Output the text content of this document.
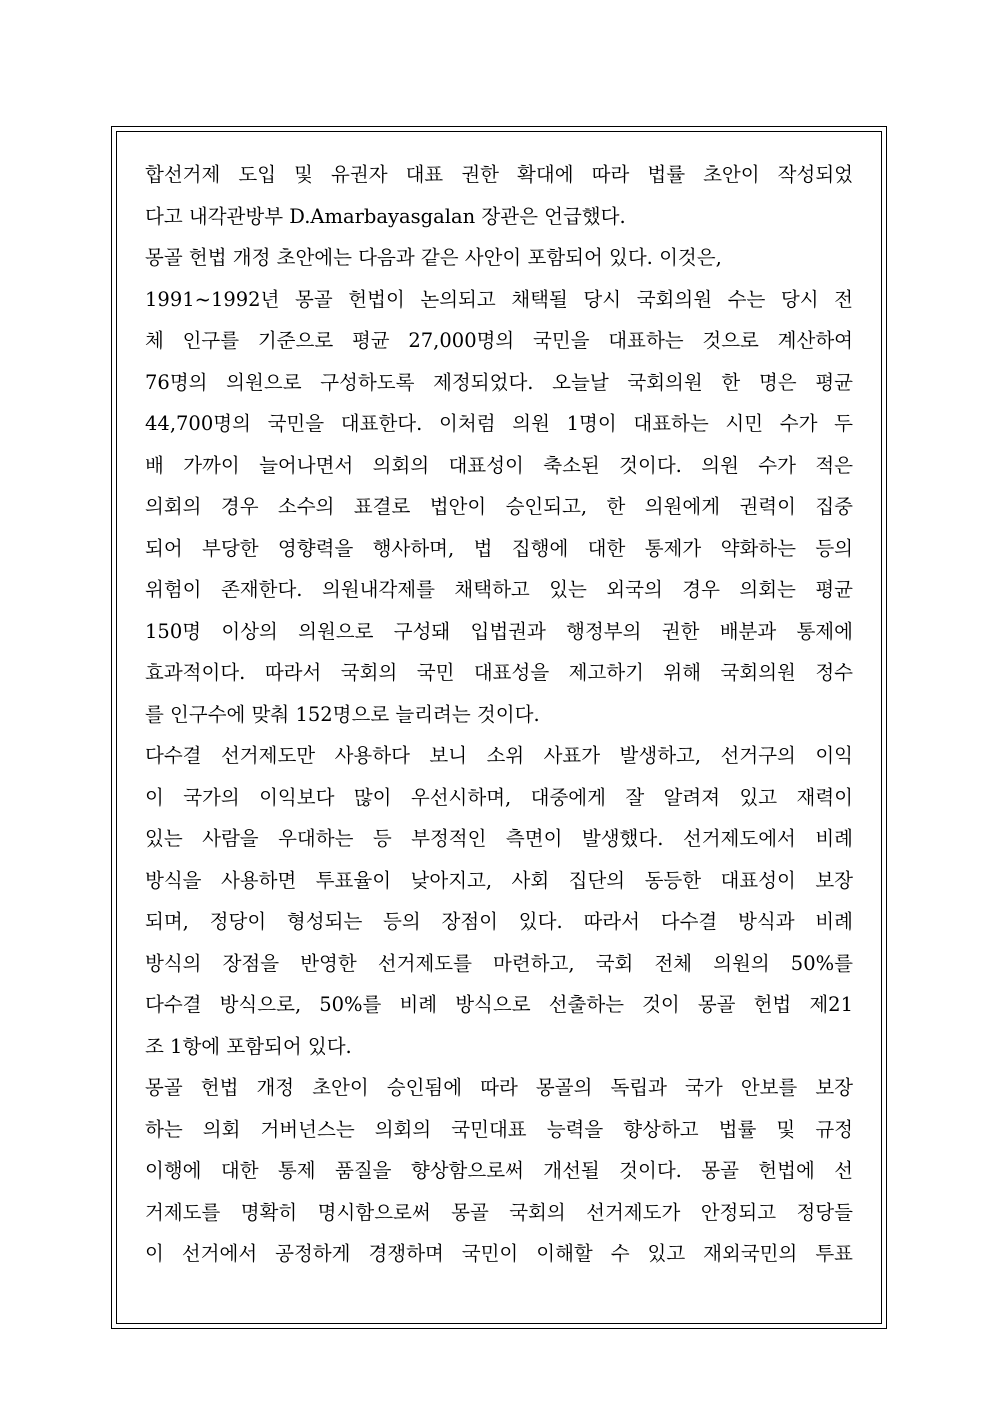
합선거제 도입 및 유권자 대표 권한 확대에 따라 법률 초안이 작성되었
다고 내각관방부 D.Amarbayasgalan 장관은 언급했다.
몽골 헌법 개정 초안에는 다음과 같은 사안이 포함되어 있다. 이것은,
1991~1992년 몽골 헌법이 논의되고 채택될 당시 국회의원 수는 당시 전
체 인구를 기준으로 평균 27,000명의 국민을 대표하는 것으로 계산하여
76명의 의원으로 구성하도록 제정되었다. 오늘날 국회의원 한 명은 평균
44,700명의 국민을 대표한다. 이처럼 의원 1명이 대표하는 시민 수가 두
배 가까이 늘어나면서 의회의 대표성이 축소된 것이다. 의원 수가 적은
의회의 경우 소수의 표결로 법안이 승인되고, 한 의원에게 권력이 집중
되어 부당한 영향력을 행사하며, 법 집행에 대한 통제가 약화하는 등의
위험이 존재한다. 의원내각제를 채택하고 있는 외국의 경우 의회는 평균
150명 이상의 의원으로 구성돼 입법권과 행정부의 권한 배분과 통제에
효과적이다. 따라서 국회의 국민 대표성을 제고하기 위해 국회의원 정수
를 인구수에 맞춰 152명으로 늘리려는 것이다.
다수결 선거제도만 사용하다 보니 소위 사표가 발생하고, 선거구의 이익
이 국가의 이익보다 많이 우선시하며, 대중에게 잘 알려져 있고 재력이
있는 사람을 우대하는 등 부정적인 측면이 발생했다. 선거제도에서 비례
방식을 사용하면 투표율이 낮아지고, 사회 집단의 동등한 대표성이 보장
되며, 정당이 형성되는 등의 장점이 있다. 따라서 다수결 방식과 비례
방식의 장점을 반영한 선거제도를 마련하고, 국회 전체 의원의 50%를
다수결 방식으로, 50%를 비례 방식으로 선출하는 것이 몽골 헌법 제21
조 1항에 포함되어 있다.
몽골 헌법 개정 초안이 승인됨에 따라 몽골의 독립과 국가 안보를 보장
하는 의회 거버넌스는 의회의 국민대표 능력을 향상하고 법률 및 규정
이행에 대한 통제 품질을 향상함으로써 개선될 것이다. 몽골 헌법에 선
거제도를 명확히 명시함으로써 몽골 국회의 선거제도가 안정되고 정당들
이 선거에서 공정하게 경쟁하며 국민이 이해할 수 있고 재외국민의 투표
